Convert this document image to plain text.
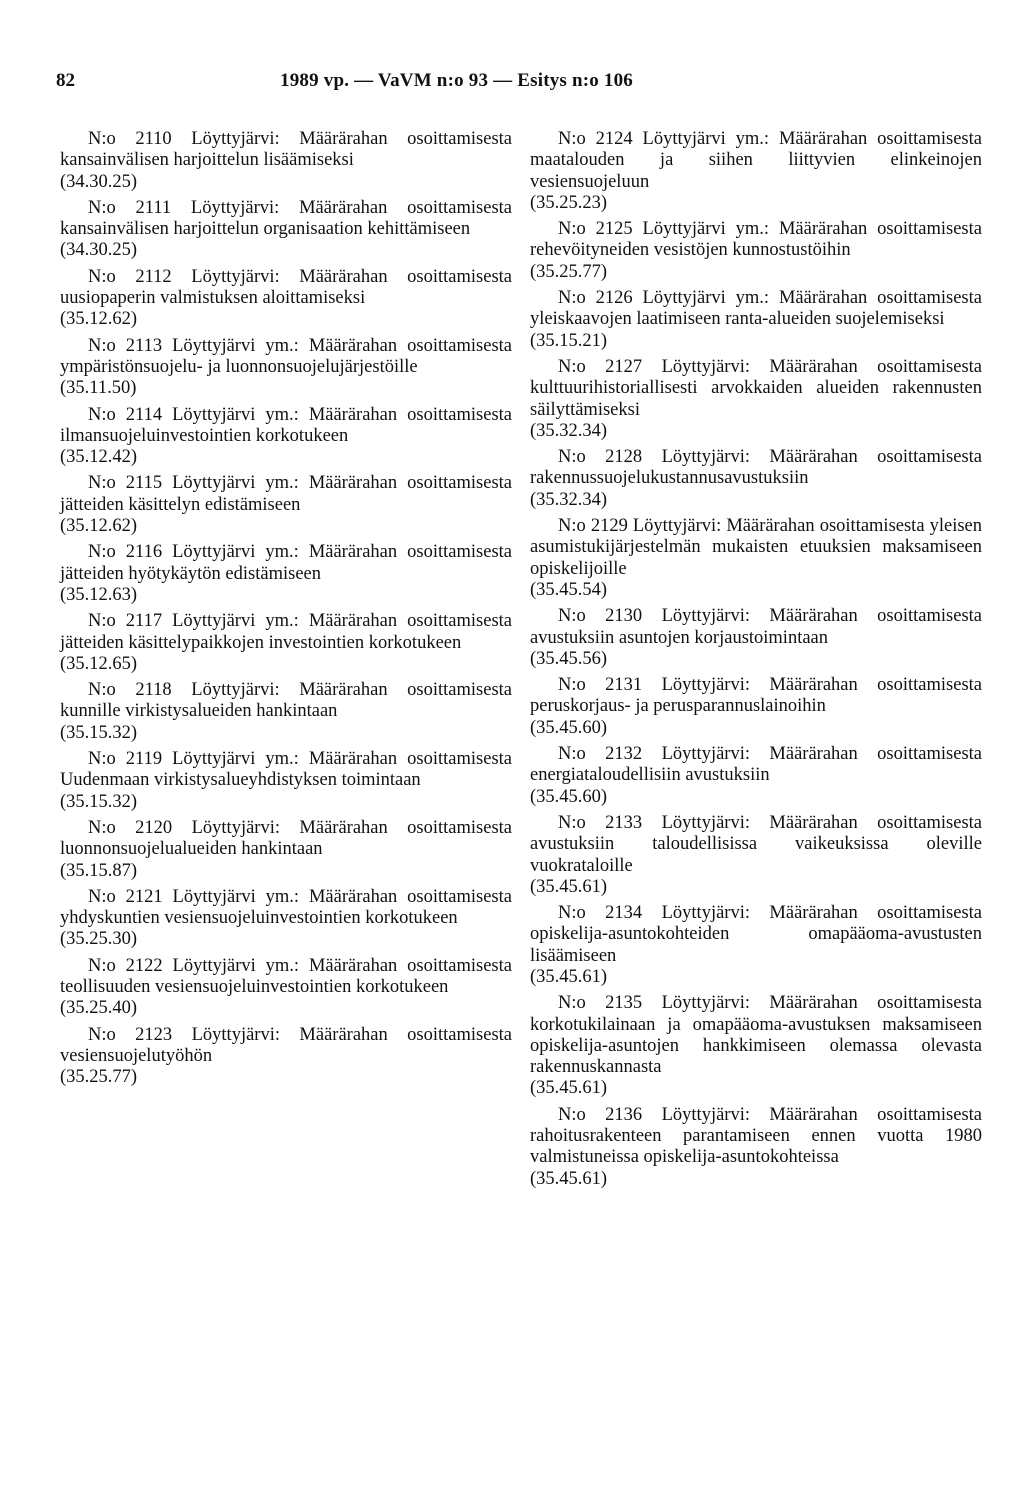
82	1989 vp. — VaVM n:o 93 — Esitys n:o 106
N:o 2110 Löyttyjärvi: Määrärahan osoittamisesta kansainvälisen harjoittelun lisäämiseksi
(34.30.25)
N:o 2111 Löyttyjärvi: Määrärahan osoittamisesta kansainvälisen harjoittelun organisaation kehittämiseen
(34.30.25)
N:o 2112 Löyttyjärvi: Määrärahan osoittamisesta uusiopaperin valmistuksen aloittamiseksi
(35.12.62)
N:o 2113 Löyttyjärvi ym.: Määrärahan osoittamisesta ympäristönsuojelu- ja luonnonsuojelujärjestöille
(35.11.50)
N:o 2114 Löyttyjärvi ym.: Määrärahan osoittamisesta ilmansuojeluinvestointien korkotukeen
(35.12.42)
N:o 2115 Löyttyjärvi ym.: Määrärahan osoittamisesta jätteiden käsittelyn edistämiseen
(35.12.62)
N:o 2116 Löyttyjärvi ym.: Määrärahan osoittamisesta jätteiden hyötykäytön edistämiseen
(35.12.63)
N:o 2117 Löyttyjärvi ym.: Määrärahan osoittamisesta jätteiden käsittelypaikkojen investointien korkotukeen
(35.12.65)
N:o 2118 Löyttyjärvi: Määrärahan osoittamisesta kunnille virkistysalueiden hankintaan
(35.15.32)
N:o 2119 Löyttyjärvi ym.: Määrärahan osoittamisesta Uudenmaan virkistysalueyhdistyksen toimintaan
(35.15.32)
N:o 2120 Löyttyjärvi: Määrärahan osoittamisesta luonnonsuojelualueiden hankintaan
(35.15.87)
N:o 2121 Löyttyjärvi ym.: Määrärahan osoittamisesta yhdyskuntien vesiensuojeluinvestointien korkotukeen
(35.25.30)
N:o 2122 Löyttyjärvi ym.: Määrärahan osoittamisesta teollisuuden vesiensuojeluinvestointien korkotukeen
(35.25.40)
N:o 2123 Löyttyjärvi: Määrärahan osoittamisesta vesiensuojelutyöhön
(35.25.77)
N:o 2124 Löyttyjärvi ym.: Määrärahan osoittamisesta maatalouden ja siihen liittyvien elinkeinojen vesiensuojeluun
(35.25.23)
N:o 2125 Löyttyjärvi ym.: Määrärahan osoittamisesta rehevöityneiden vesistöjen kunnostustöihin
(35.25.77)
N:o 2126 Löyttyjärvi ym.: Määrärahan osoittamisesta yleiskaavojen laatimiseen ranta-alueiden suojelemiseksi
(35.15.21)
N:o 2127 Löyttyjärvi: Määrärahan osoittamisesta kulttuurihistoriallisesti arvokkaiden alueiden rakennusten säilyttämiseksi
(35.32.34)
N:o 2128 Löyttyjärvi: Määrärahan osoittamisesta rakennussuojelukustannusavustuksiin
(35.32.34)
N:o 2129 Löyttyjärvi: Määrärahan osoittamisesta yleisen asumistukijärjestelmän mukaisten etuuksien maksamiseen opiskelijoille
(35.45.54)
N:o 2130 Löyttyjärvi: Määrärahan osoittamisesta avustuksiin asuntojen korjaustoimintaan
(35.45.56)
N:o 2131 Löyttyjärvi: Määrärahan osoittamisesta peruskorjaus- ja perusparannuslainoihin
(35.45.60)
N:o 2132 Löyttyjärvi: Määrärahan osoittamisesta energiataloudellisiin avustuksiin
(35.45.60)
N:o 2133 Löyttyjärvi: Määrärahan osoittamisesta avustuksiin taloudellisissa vaikeuksissa oleville vuokrataloille
(35.45.61)
N:o 2134 Löyttyjärvi: Määrärahan osoittamisesta opiskelija-asuntokohteiden omapääoma-avustusten lisäämiseen
(35.45.61)
N:o 2135 Löyttyjärvi: Määrärahan osoittamisesta korkotukilainaan ja omapääoma-avustuksen maksamiseen opiskelija-asuntojen hankkimiseen olemassa olevasta rakennuskannasta
(35.45.61)
N:o 2136 Löyttyjärvi: Määrärahan osoittamisesta rahoitusrakenteen parantamiseen ennen vuotta 1980 valmistuneissa opiskelija-asuntokohteissa
(35.45.61)
